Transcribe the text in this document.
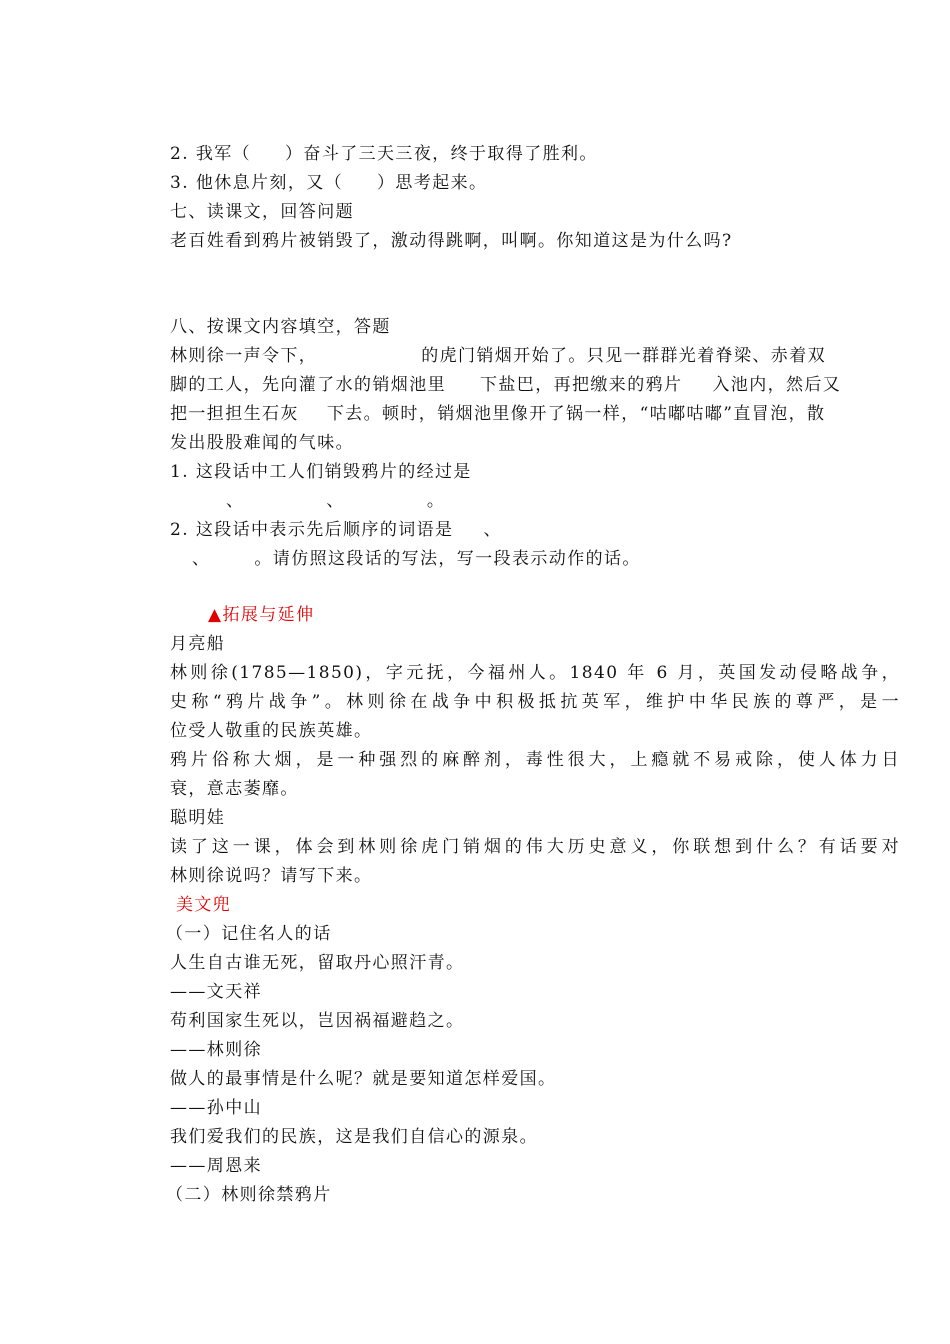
2. 我军（ ）奋斗了三天三夜，终于取得了胜利。
3. 他休息片刻，又（ ）思考起来。
七、读课文，回答问题
老百姓看到鸦片被销毁了，激动得跳啊，叫啊。你知道这是为什么吗?
八、按课文内容填空，答题
林则徐一声令下，	的虎门销烟开始了。只见一群群光着脊梁、赤着双
脚的工人，先向灌了水的销烟池里 下盐巴，再把缴来的鸦片 入池内，然后又
把一担担生石灰 下去。顿时，销烟池里像开了锅一样，“咕嘟咕嘟”直冒泡，散
发出股股难闻的气味。
1. 这段话中工人们销毁鸦片的经过是
、	、	。
2. 这段话中表示先后顺序的词语是 、
、	。请仿照这段话的写法，写一段表示动作的话。
▲拓展与延伸
月亮船
林则徐(1785—1850)，字元抚，今福州人。1840 年 6 月，英国发动侵略战争，
史称“鸦片战争”。林则徐在战争中积极抵抗英军，维护中华民族的尊严，是一
位受人敬重的民族英雄。
鸦片俗称大烟，是一种强烈的麻醉剂，毒性很大，上瘾就不易戒除，使人体力日
衰，意志萎靡。
聪明娃
读了这一课，体会到林则徐虎门销烟的伟大历史意义，你联想到什么？有话要对
林则徐说吗？请写下来。
美文兜
（一）记住名人的话
人生自古谁无死，留取丹心照汗青。
——文天祥
苟利国家生死以，岂因祸福避趋之。
——林则徐
做人的最事情是什么呢？就是要知道怎样爱国。
——孙中山
我们爱我们的民族，这是我们自信心的源泉。
——周恩来
（二）林则徐禁鸦片
